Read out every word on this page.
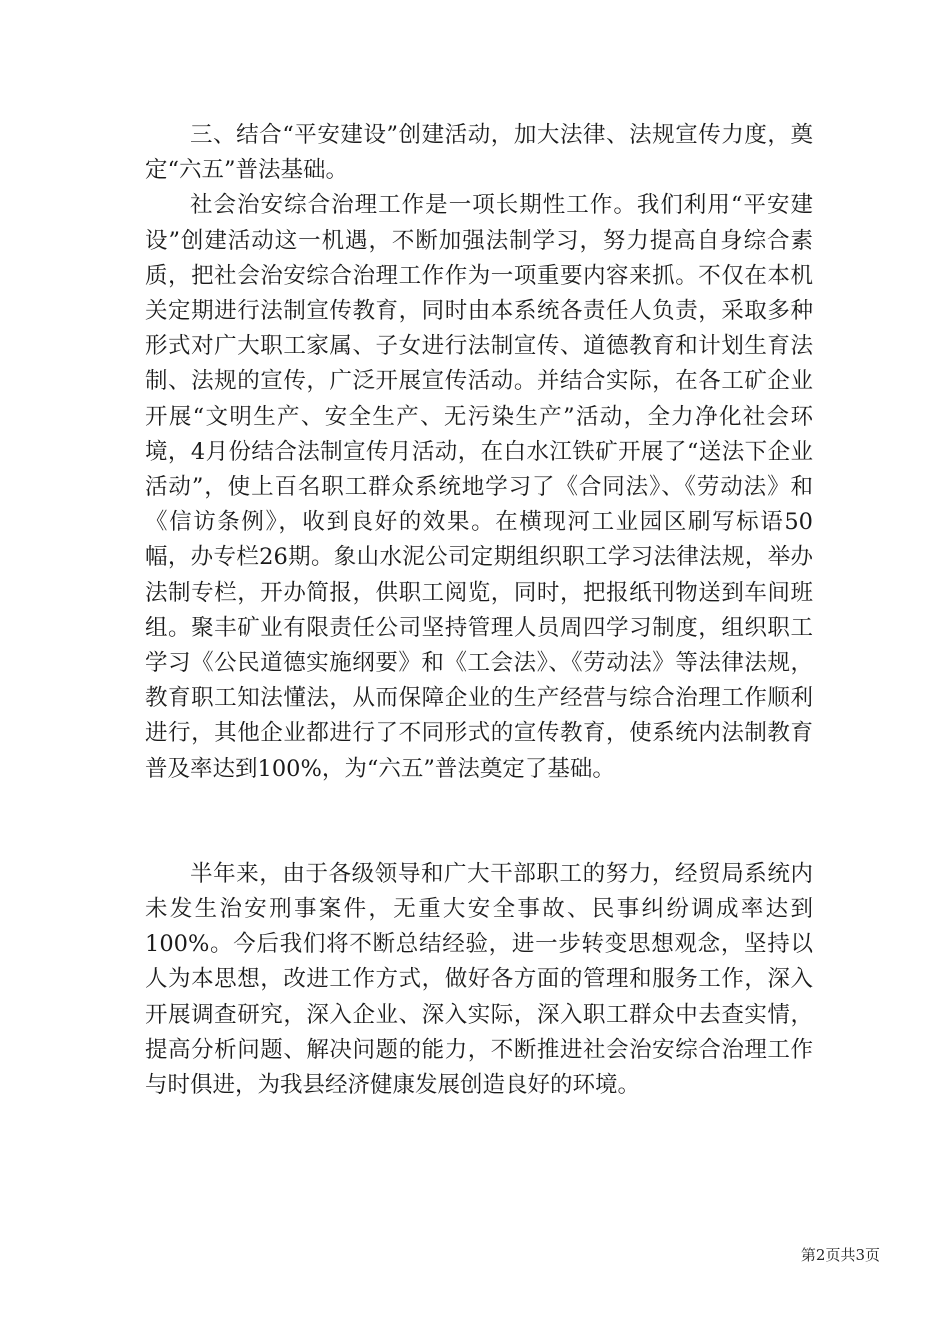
三、结合“平安建设”创建活动，加大法律、法规宣传力度，奠定“六五”普法基础。

社会治安综合治理工作是一项长期性工作。我们利用“平安建设”创建活动这一机遇，不断加强法制学习，努力提高自身综合素质，把社会治安综合治理工作作为一项重要内容来抓。不仅在本机关定期进行法制宣传教育，同时由本系统各责任人负责，采取多种形式对广大职工家属、子女进行法制宣传、道德教育和计划生育法制、法规的宣传，广泛开展宣传活动。并结合实际，在各工矿企业开展“文明生产、安全生产、无污染生产”活动，全力净化社会环境，4月份结合法制宣传月活动，在白水江铁矿开展了“送法下企业活动”，使上百名职工群众系统地学习了《合同法》、《劳动法》和《信访条例》，收到良好的效果。在横现河工业园区刷写标语50幅，办专栏26期。象山水泥公司定期组织职工学习法律法规，举办法制专栏，开办简报，供职工阅览，同时，把报纸刊物送到车间班组。聚丰矿业有限责任公司坚持管理人员周四学习制度，组织职工学习《公民道德实施纲要》和《工会法》、《劳动法》等法律法规，教育职工知法懂法，从而保障企业的生产经营与综合治理工作顺利进行，其他企业都进行了不同形式的宣传教育，使系统内法制教育普及率达到100%，为“六五”普法奠定了基础。

半年来，由于各级领导和广大干部职工的努力，经贸局系统内未发生治安刑事案件，无重大安全事故、民事纠纷调成率达到100%。今后我们将不断总结经验，进一步转变思想观念，坚持以人为本思想，改进工作方式，做好各方面的管理和服务工作，深入开展调查研究，深入企业、深入实际，深入职工群众中去查实情，提高分析问题、解决问题的能力，不断推进社会治安综合治理工作与时俱进，为我县经济健康发展创造良好的环境。

第2页共3页
